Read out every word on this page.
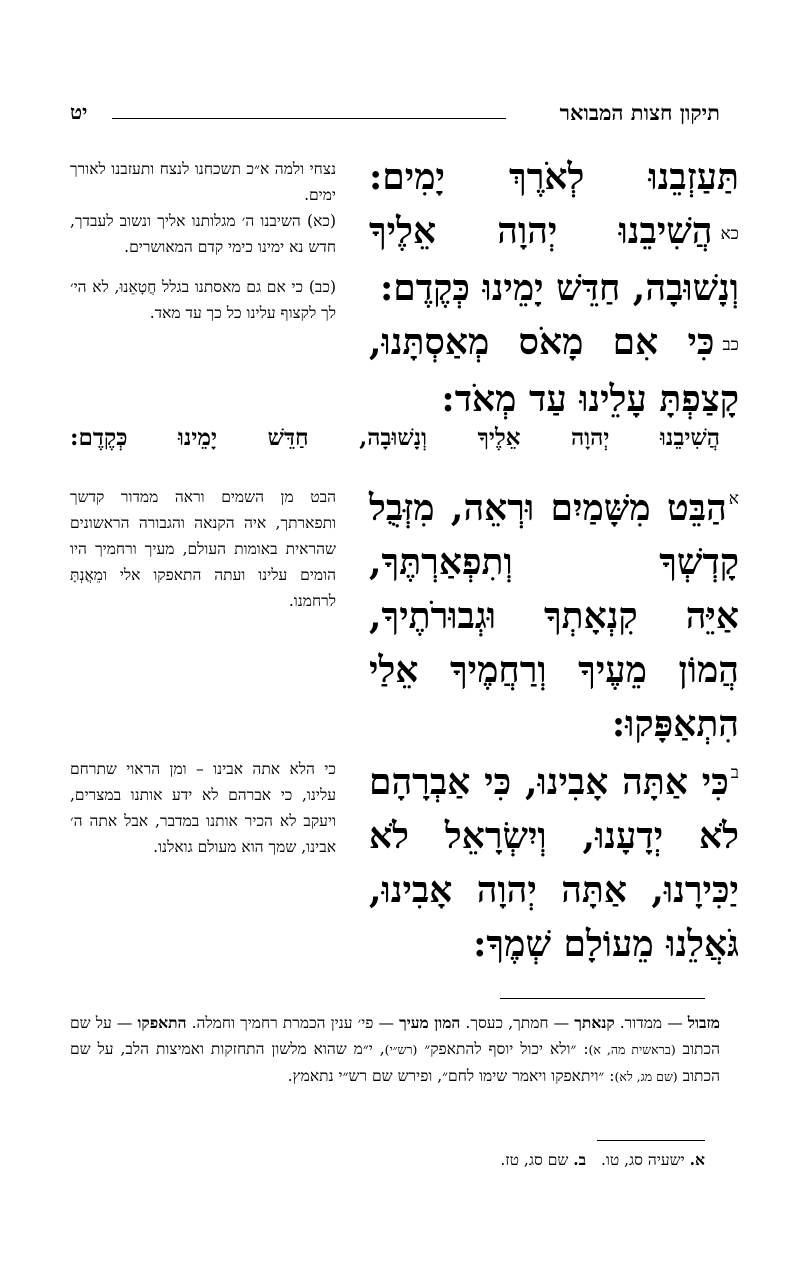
תיקון חצות המבואר
יט
תַּעַזְבֵנוּ לְאֹרֶךְ יָמִים:
כאהֲשִׁיבֵנוּ יְהוָה אֵלֶיךָ
וְנָשׁוּבָה, חַדֵּשׁ יָמֵינוּ כְּקֶדֶם:
כבכִּי אִם מָאֹס מְאַסְתָּנוּ,
קָצַפְתָּ עָלֵינוּ עַד מְאֹד:

נצחי ולמה א״כ תשכחנו לנצח ותעזבנו לאורך ימים.

(כא) השיבנו ה׳ מגלותנו אליך ונשוב לעבדך, חדש נא ימינו כימי קדם המאושרים.

(כב) כי אם גם מאסתנו בגלל חֲטָאֵנוּ, לא הי׳ לך לקצוף עלינו כל כך עד מאד.

הֲשִׁיבֵנוּ יְהוָה אֵלֶיךָ וְנָשׁוּבָה, חַדֵּשׁ יָמֵינוּ כְּקֶדֶם:
$^א$הַבֵּט מִשָּׁמַיִם וּרְאֵה, מִזְּבֻל
קָדְשְׁךָ וְתִפְאַרְתֶּךָ,
אַיֵּה קִנְאָתְךָ וּגְבוּרֹתֶיךָ,
הֲמוֹן מֵעֶיךָ וְרַחֲמֶיךָ אֵלַי
הִתְאַפָּקוּ:

הבט מן השמים וראה ממדור קדשך ותפארתך, איה הקנאה והגבורה הראשונים שהראית באומות העולם, מעיך ורחמיך היו הומים עלינו ועתה התאפקו אלי ומֵאֲנְתָּ לרחמנו.

$^ב$כִּי אַתָּה אָבִינוּ, כִּי אַבְרָהָם
לֹא יְדָעָנוּ, וְיִשְׂרָאֵל לֹא
יַכִּירָנוּ, אַתָּה יְהוָה אָבִינוּ,
גֹּאֲלֵנוּ מֵעוֹלָם שְׁמֶךָ:

כי הלא אתה אבינו – ומן הראוי שתרחם עלינו, כי אברהם לא ידע אותנו במצרים, ויעקב לא הכיר אותנו במדבר, אבל אתה ה׳ אבינו, שמך הוא מעולם גואלנו.

מזבול — ממדור. קנאתך — חמתך, כעסך. המון מעיך — פי׳ ענין הכמרת רחמיך וחמלה. התאפקו — על שם הכתוב (בראשית מה, א): ״ולא יכול יוסף להתאפק״ (רש״י), י״מ שהוא מלשון התחזקות ואמיצות הלב, על שם הכתוב (שם מג, לא): ״ויתאפקו ויאמר שימו לחם״, ופירש שם רש״י נתאמץ.
א. ישעיה סג, טו.   ב. שם סג, טז.
